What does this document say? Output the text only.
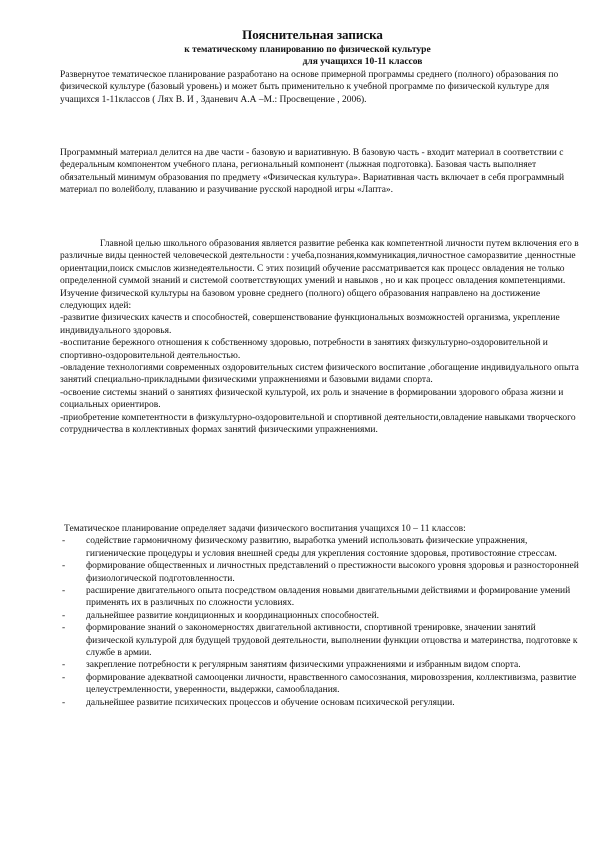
Пояснительная записка
к тематическому планированию по физической культуре
для учащихся 10-11 классов

Развернутое тематическое планирование разработано на основе примерной программы среднего (полного) образования по физической культуре (базовый уровень) и может быть применительно к учебной программе по физической культуре для учащихся 1-11классов ( Лях В. И , Зданевич А.А –М.: Просвещение , 2006).

Программный материал делится на две части - базовую и вариативную. В базовую часть - входит материал в соответствии с федеральным компонентом учебного плана, региональный компонент (лыжная подготовка). Базовая часть выполняет обязательный минимум образования по предмету «Физическая культура». Вариативная часть включает в себя программный материал по волейболу, плаванию и разучивание русской народной игры «Лапта».

Главной целью школьного образования является развитие ребенка как компетентной личности путем включения его в различные виды ценностей человеческой деятельности : учеба,познания,коммуникация,личностное саморазвитие ,ценностные ориентации,поиск смыслов жизнедеятельности. С этих позиций обучение рассматривается как процесс овладения не только определенной суммой знаний и системой соответствующих умений и навыков , но и как процесс овладения компетенциями.

Изучение физической культуры на базовом уровне среднего (полного) общего образования направлено на достижение следующих идей:

-развитие физических качеств и способностей, совершенствование функциональных возможностей организма, укрепление индивидуального здоровья.

-воспитание бережного отношения к собственному здоровью, потребности в занятиях физкультурно-оздоровительной и спортивно-оздоровительной деятельностью.

-овладение технологиями современных оздоровительных систем физического воспитание ,обогащение индивидуального опыта занятий специально-прикладными физическими упражнениями и базовыми видами спорта.

-освоение системы знаний о занятиях физической культурой, их роль и значение в формировании здорового образа жизни и социальных ориентиров.

-приобретение компетентности в физкультурно-оздоровительной и спортивной деятельности,овладение навыками творческого сотрудничества в коллективных формах занятий физическими упражнениями.

Тематическое планирование определяет задачи физического воспитания учащихся 10 – 11 классов:

- содействие гармоничному физическому развитию, выработка умений использовать физические упражнения, гигиенические процедуры и условия внешней среды для укрепления состояние здоровья, противостояние стрессам.
- формирование общественных и личностных представлений о престижности высокого уровня здоровья и разносторонней физиологической подготовленности.
- расширение двигательного опыта посредством овладения новыми двигательными действиями и формирование умений применять их в различных по сложности условиях.
- дальнейшее развитие кондиционных и координационных способностей.
- формирование знаний о закономерностях двигательной активности, спортивной тренировке, значении занятий физической культурой для будущей трудовой деятельности, выполнении функции отцовства и материнства, подготовке к службе в армии.
- закрепление потребности к регулярным занятиям физическими упражнениями и избранным видом спорта.
- формирование адекватной самооценки личности, нравственного самосознания, мировоззрения, коллективизма, развитие целеустремленности, уверенности, выдержки, самообладания.
- дальнейшее развитие психических процессов и обучение основам психической регуляции.
